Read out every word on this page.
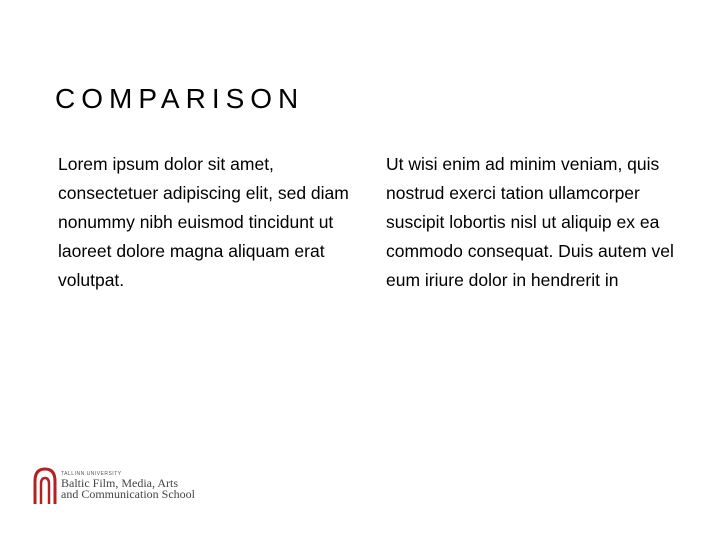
COMPARISON

Lorem ipsum dolor sit amet, consectetuer adipiscing elit, sed diam nonummy nibh euismod tincidunt ut laoreet dolore magna aliquam erat volutpat.

Ut wisi enim ad minim veniam, quis nostrud exerci tation ullamcorper suscipit lobortis nisl ut aliquip ex ea commodo consequat. Duis autem vel eum iriure dolor in hendrerit in

TALLINN UNIVERSITY
Baltic Film, Media, Arts
and Communication School
